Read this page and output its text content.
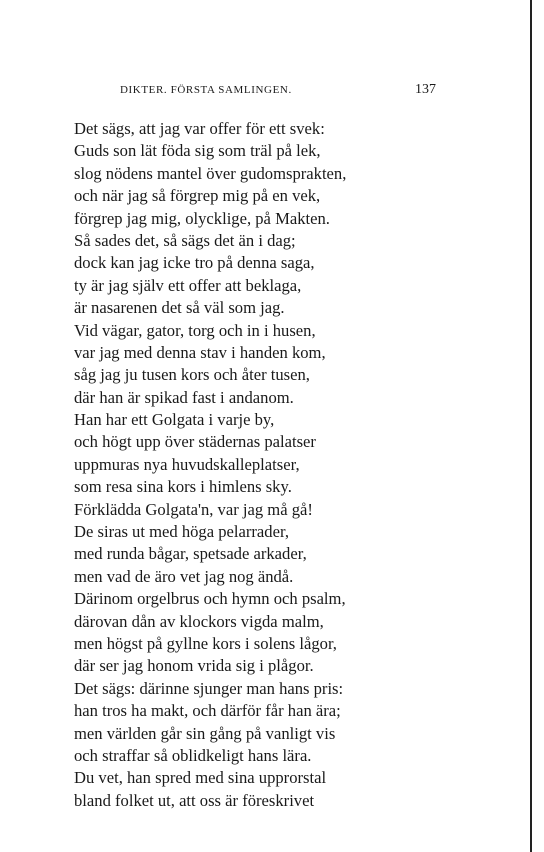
DIKTER. FÖRSTA SAMLINGEN.	137
Det sägs, att jag var offer för ett svek:
Guds son lät föda sig som träl på lek,
slog nödens mantel över gudomsprakten,
och när jag så förgrep mig på en vek,
förgrep jag mig, olycklige, på Makten.
Så sades det, så sägs det än i dag;
dock kan jag icke tro på denna saga,
ty är jag själv ett offer att beklaga,
är nasarenen det så väl som jag.
Vid vägar, gator, torg och in i husen,
var jag med denna stav i handen kom,
såg jag ju tusen kors och åter tusen,
där han är spikad fast i andanom.
Han har ett Golgata i varje by,
och högt upp över städernas palatser
uppmuras nya huvudskalleplatser,
som resa sina kors i himlens sky.
Förklädda Golgata'n, var jag må gå!
De siras ut med höga pelarrader,
med runda bågar, spetsade arkader,
men vad de äro vet jag nog ändå.
Därinom orgelbrus och hymn och psalm,
därovan dån av klockors vigda malm,
men högst på gyllne kors i solens lågor,
där ser jag honom vrida sig i plågor.
Det sägs: därinne sjunger man hans pris:
han tros ha makt, och därför får han ära;
men världen går sin gång på vanligt vis
och straffar så oblidkeligt hans lära.
Du vet, han spred med sina upprorstal
bland folket ut, att oss är föreskrivet
